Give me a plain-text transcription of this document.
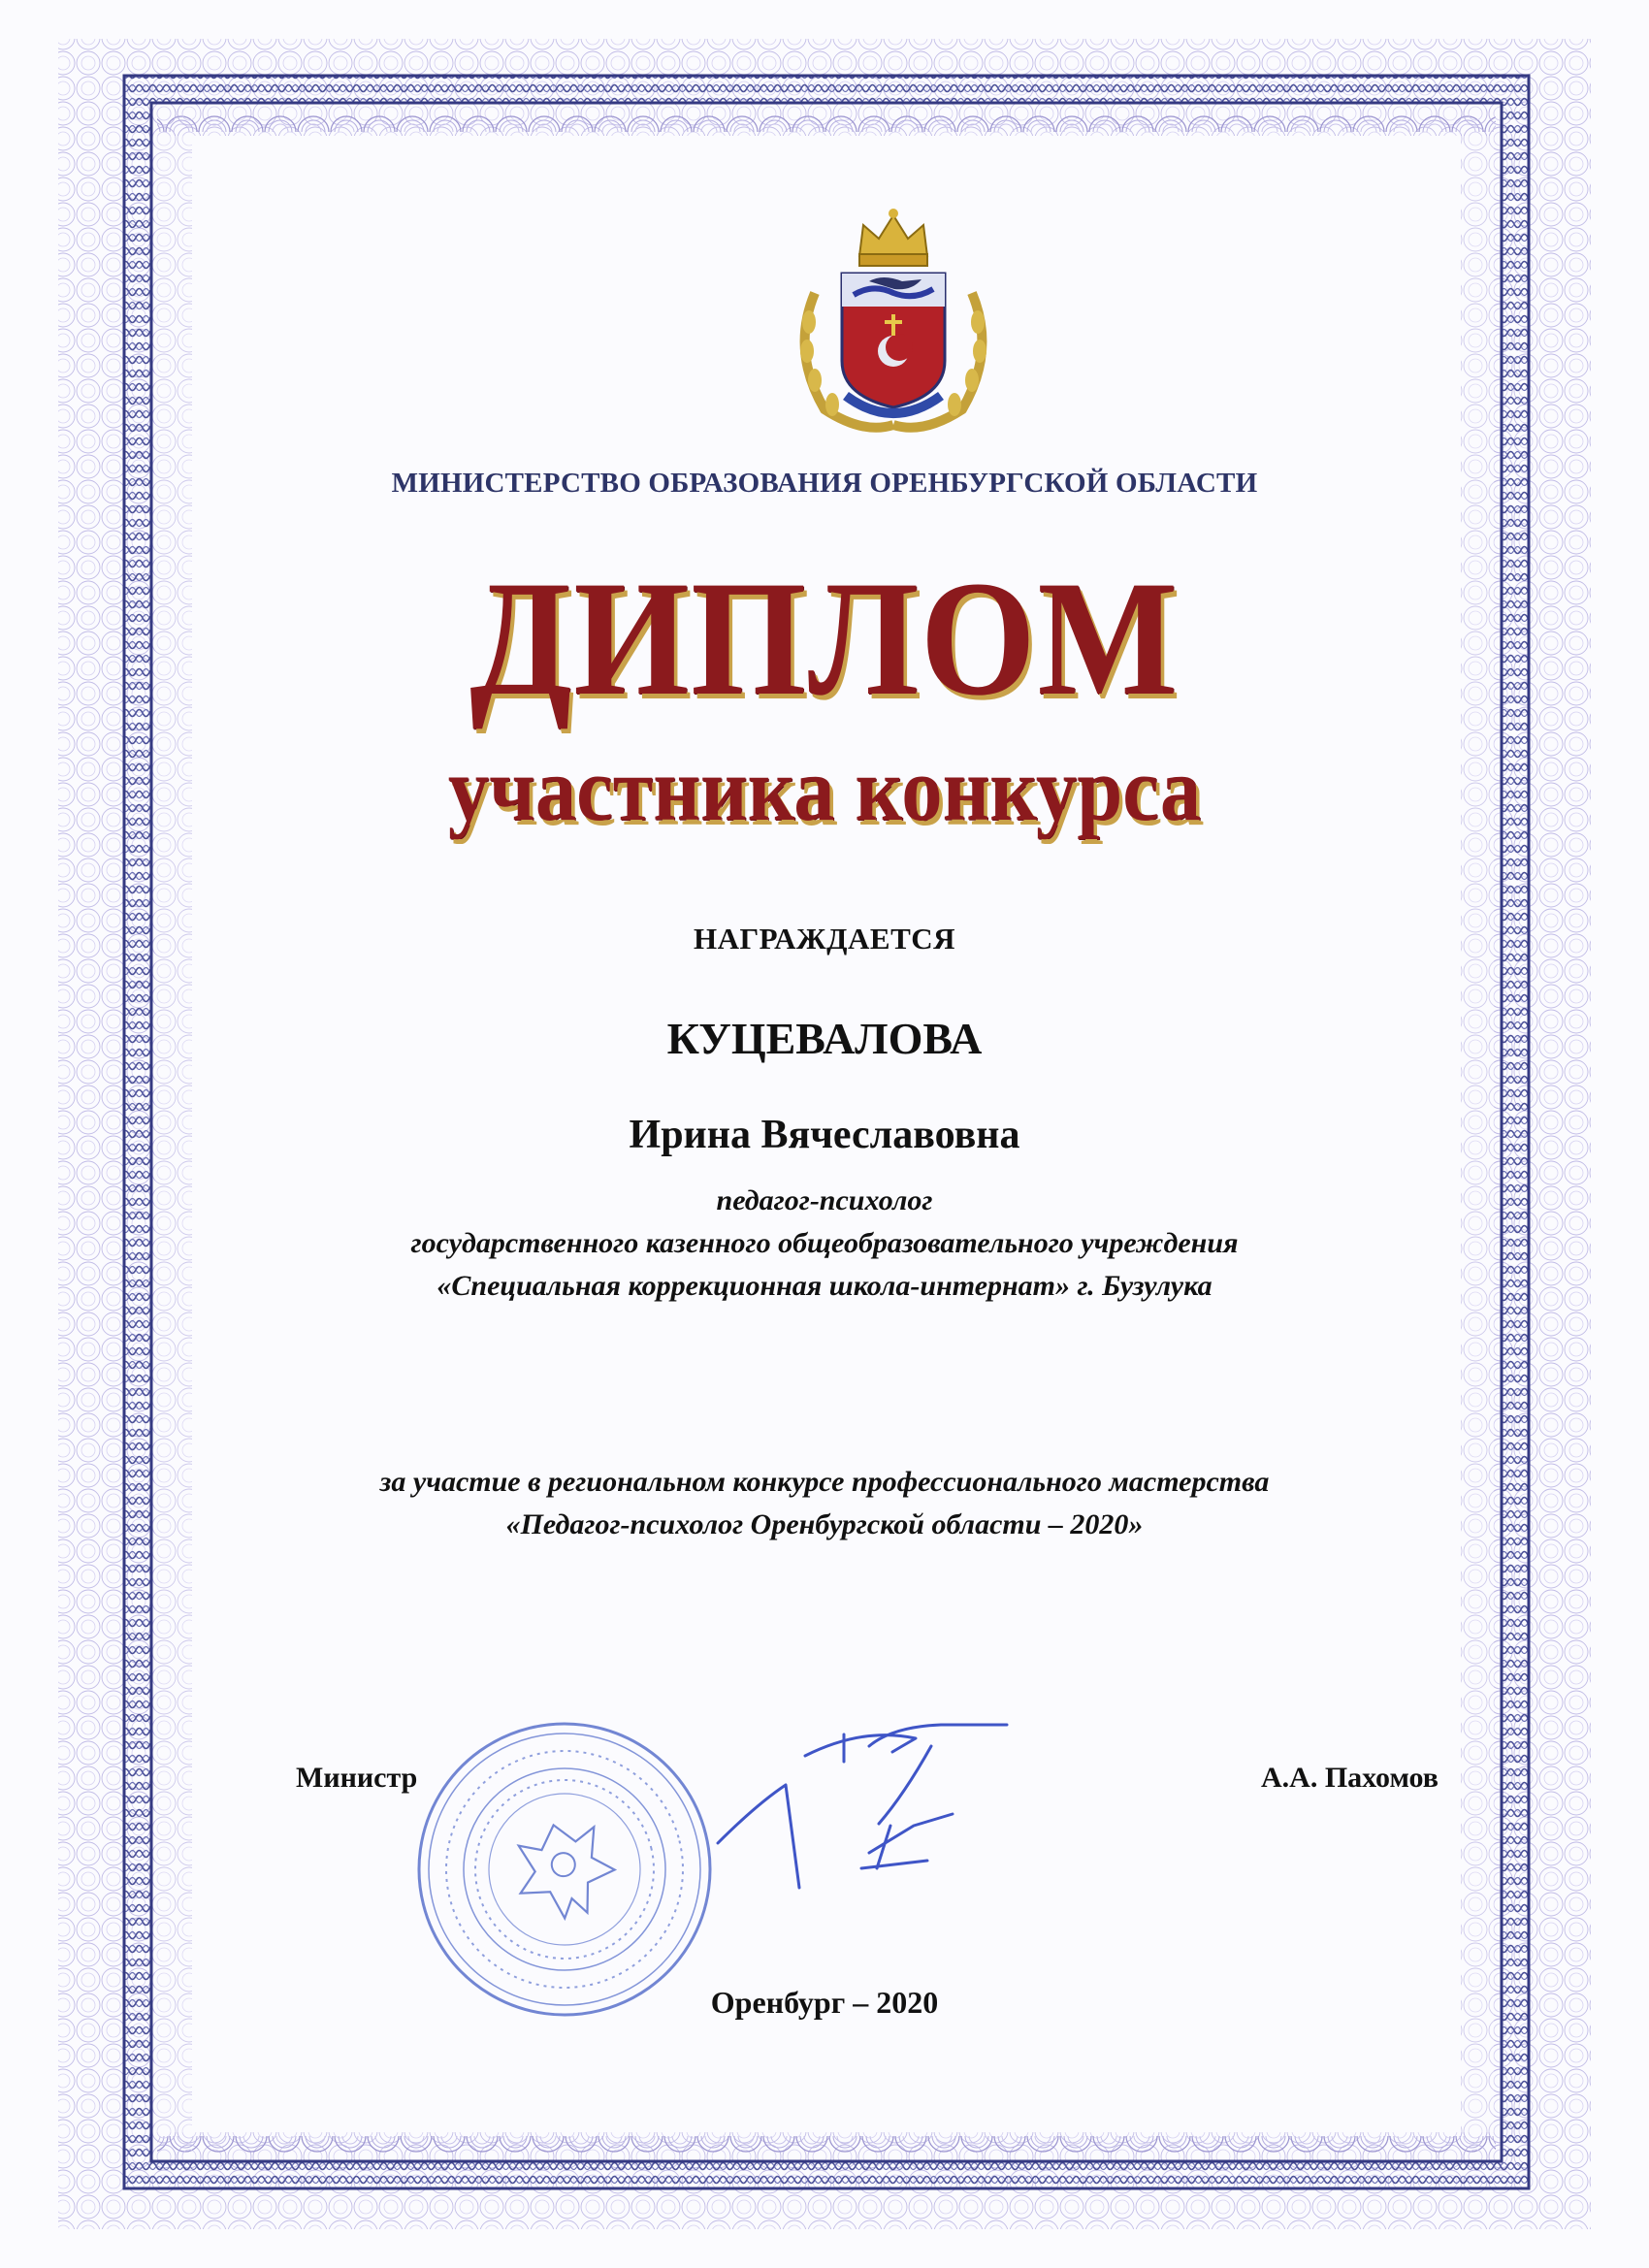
МИНИСТЕРСТВО ОБРАЗОВАНИЯ ОРЕНБУРГСКОЙ ОБЛАСТИ
ДИПЛОМ
участника конкурса
НАГРАЖДАЕТСЯ
КУЦЕВАЛОВА
Ирина Вячеславовна
педагог-психолог
государственного казенного общеобразовательного учреждения
«Специальная коррекционная школа-интернат» г. Бузулука
за участие в региональном конкурсе профессионального мастерства
«Педагог-психолог Оренбургской области – 2020»
Министр	А.А. Пахомов
Оренбург – 2020
